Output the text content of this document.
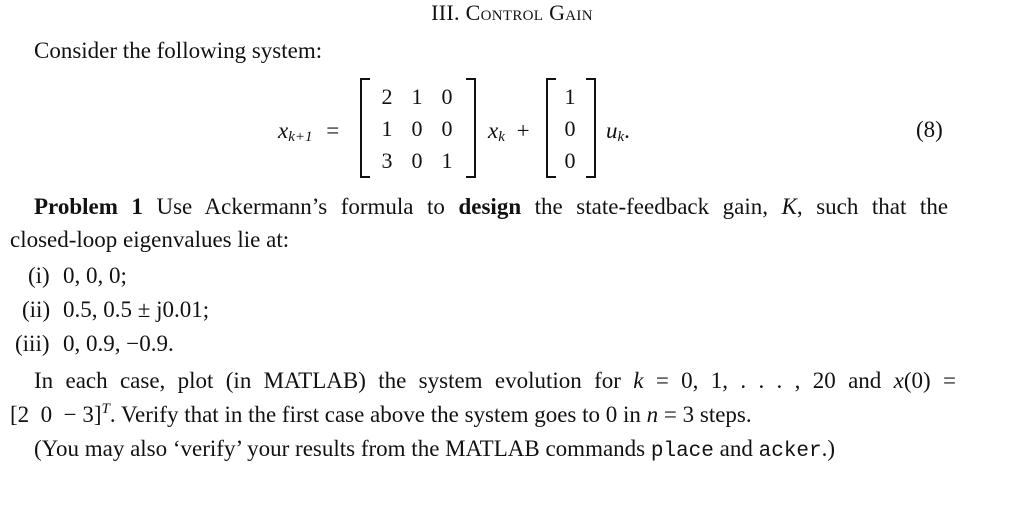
III. Control Gain
Consider the following system:
$x_{k+1}$ =
2 1 0
1 0 0
3 0 1
$x_k$ +
1
0
0
$u_k$.	(8)
Problem 1 Use Ackermann’s formula to design the state-feedback gain, K, such that the
closed-loop eigenvalues lie at:
(i) 0, 0, 0;
(ii) 0.5, 0.5 ± j0.01;
(iii) 0, 0.9, −0.9.
In each case, plot (in MATLAB) the system evolution for k = 0, 1, . . . , 20 and x(0) =
[2  0  − 3]$^T$. Verify that in the first case above the system goes to 0 in n = 3 steps.
(You may also ‘verify’ your results from the MATLAB commands place and acker.)
